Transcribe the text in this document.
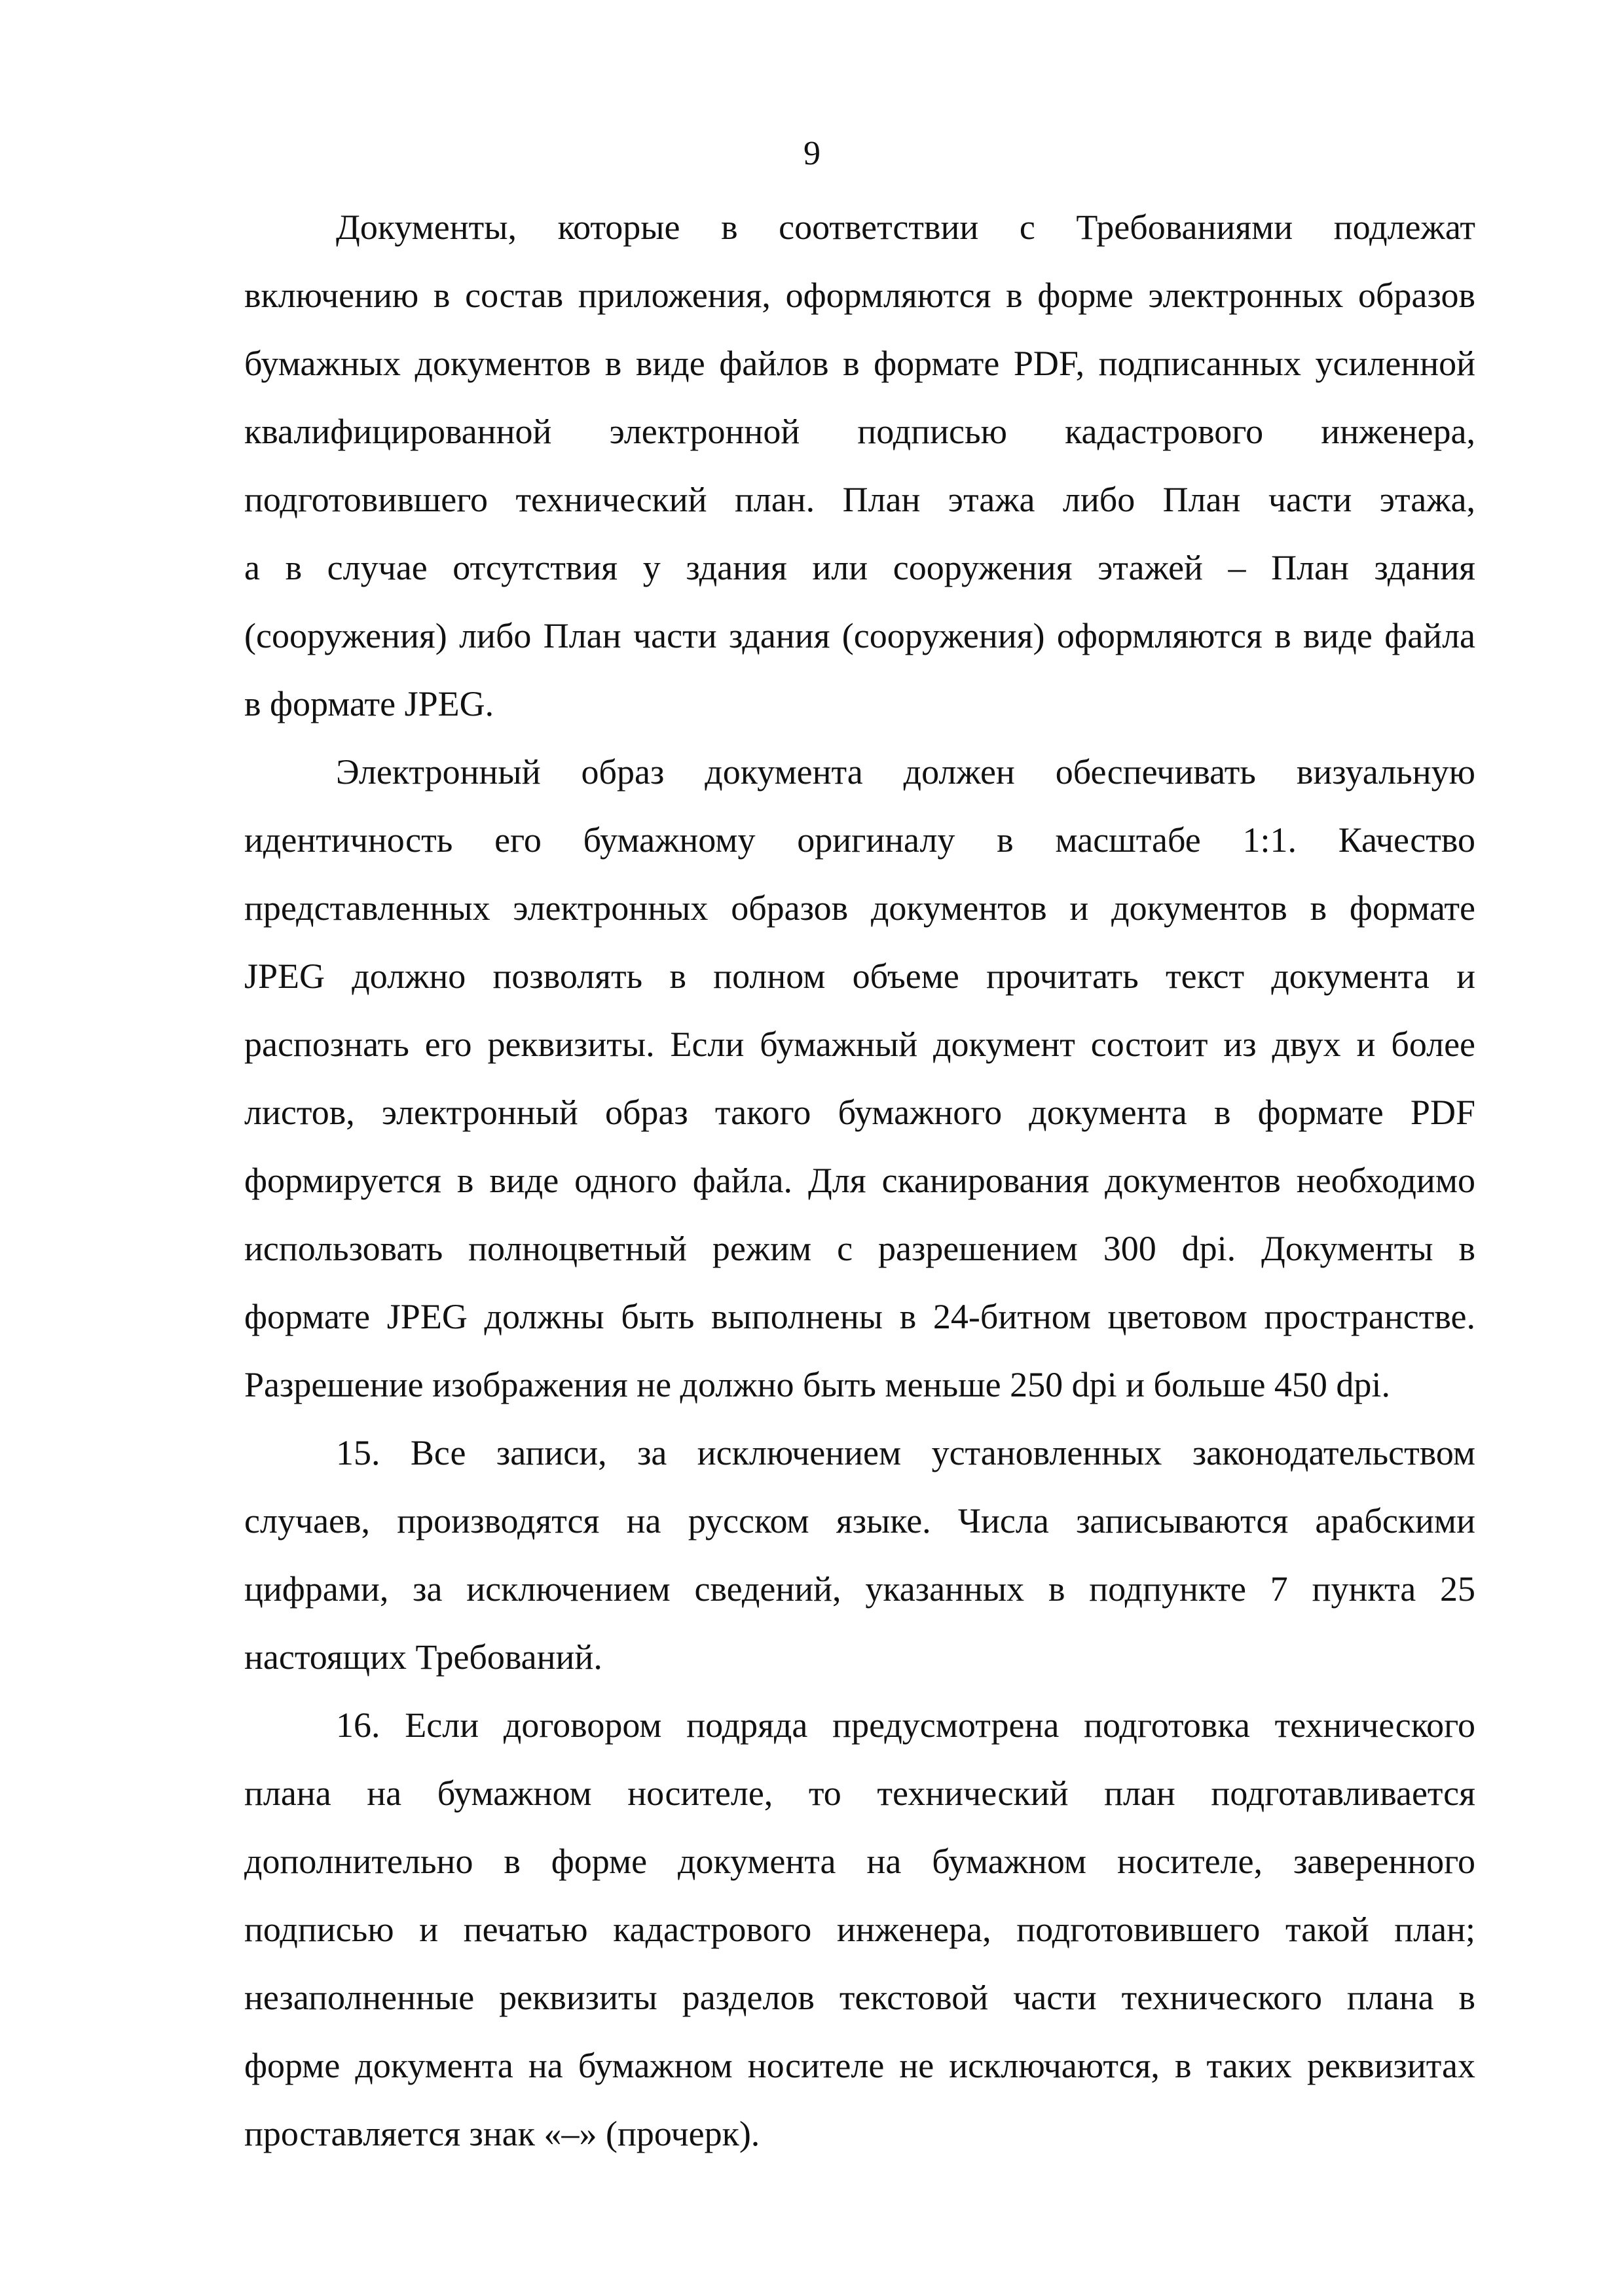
9
Документы, которые в соответствии с Требованиями подлежат
включению в состав приложения, оформляются в форме электронных образов
бумажных документов в виде файлов в формате PDF, подписанных усиленной
квалифицированной электронной подписью кадастрового инженера,
подготовившего технический план. План этажа либо План части этажа,
а в случае отсутствия у здания или сооружения этажей – План здания
(сооружения) либо План части здания (сооружения) оформляются в виде файла
в формате JPEG.
Электронный образ документа должен обеспечивать визуальную
идентичность его бумажному оригиналу в масштабе 1:1. Качество
представленных электронных образов документов и документов в формате
JPEG должно позволять в полном объеме прочитать текст документа и
распознать его реквизиты. Если бумажный документ состоит из двух и более
листов, электронный образ такого бумажного документа в формате PDF
формируется в виде одного файла. Для сканирования документов необходимо
использовать полноцветный режим с разрешением 300 dpi. Документы в
формате JPEG должны быть выполнены в 24-битном цветовом пространстве.
Разрешение изображения не должно быть меньше 250 dpi и больше 450 dpi.
15. Все записи, за исключением установленных законодательством
случаев, производятся на русском языке. Числа записываются арабскими
цифрами, за исключением сведений, указанных в подпункте 7 пункта 25
настоящих Требований.
16. Если договором подряда предусмотрена подготовка технического
плана на бумажном носителе, то технический план подготавливается
дополнительно в форме документа на бумажном носителе, заверенного
подписью и печатью кадастрового инженера, подготовившего такой план;
незаполненные реквизиты разделов текстовой части технического плана в
форме документа на бумажном носителе не исключаются, в таких реквизитах
проставляется знак «–» (прочерк).
